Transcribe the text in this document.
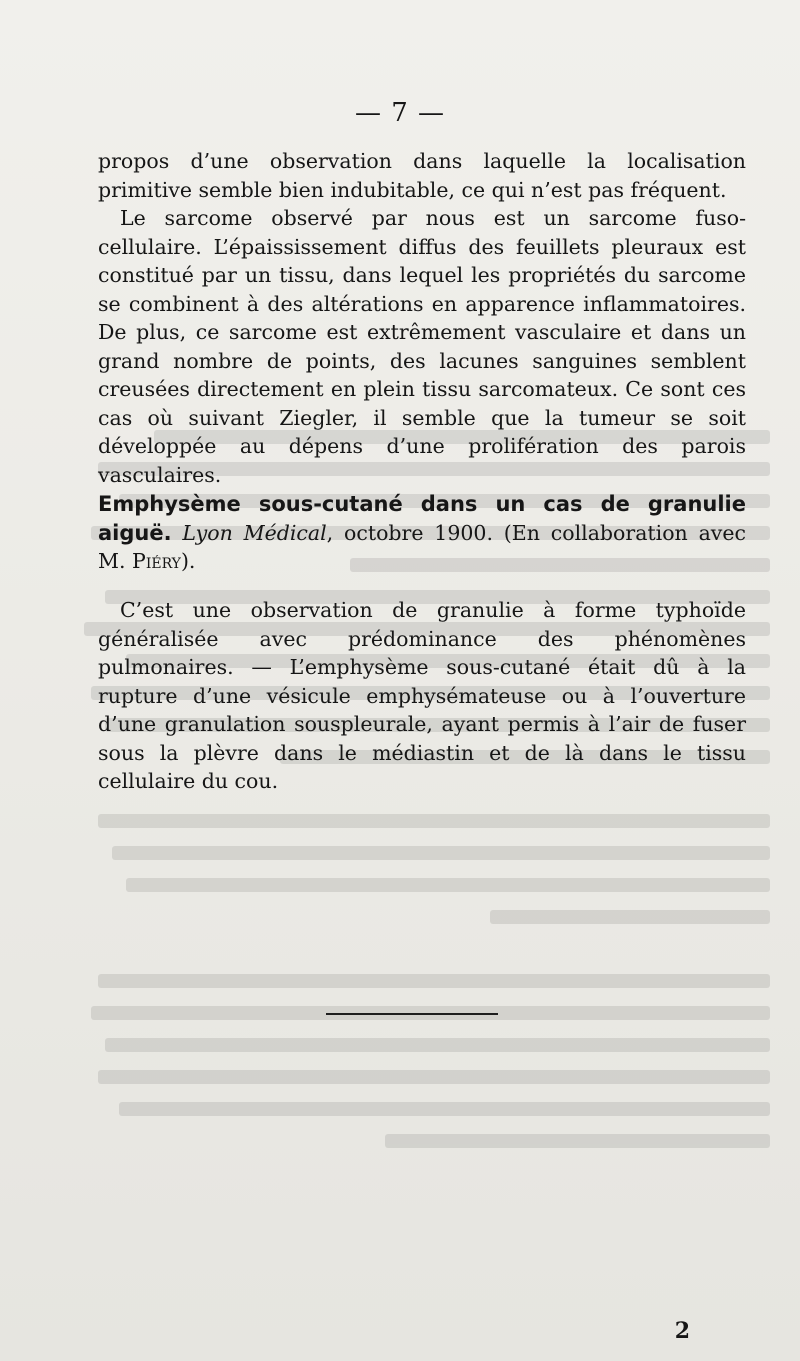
— 7 —

propos d’une observation dans laquelle la localisation primitive semble bien indubitable, ce qui n’est pas fréquent.

Le sarcome observé par nous est un sarcome fuso-cellulaire. L’épaississement diffus des feuillets pleuraux est constitué par un tissu, dans lequel les propriétés du sarcome se combinent à des altérations en apparence inflammatoires. De plus, ce sarcome est extrêmement vasculaire et dans un grand nombre de points, des lacunes sanguines semblent creusées directement en plein tissu sarcomateux. Ce sont ces cas où suivant Ziegler, il semble que la tumeur se soit développée au dépens d’une prolifération des parois vasculaires.

Emphysème sous-cutané dans un cas de granulie aiguë. Lyon Médical, octobre 1900. (En collaboration avec M. Piéry).
C’est une observation de granulie à forme typhoïde généralisée avec prédominance des phénomènes pulmonaires. — L’emphysème sous-cutané était dû à la rupture d’une vésicule emphysémateuse ou à l’ouverture d’une granulation souspleurale, ayant permis à l’air de fuser sous la plèvre dans le médiastin et de là dans le tissu cellulaire du cou.
2
